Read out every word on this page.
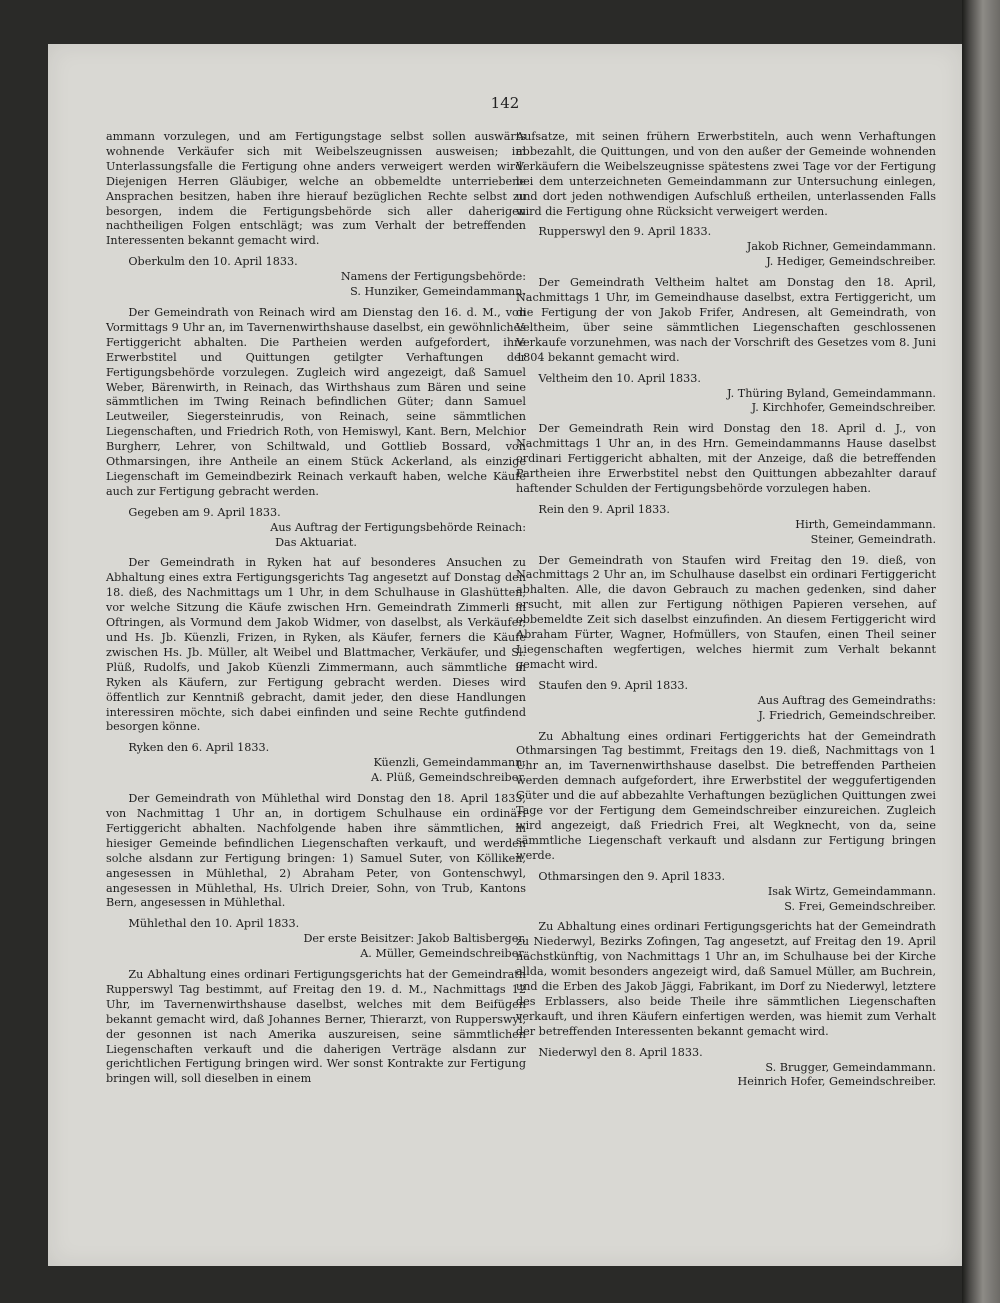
142

ammann vorzulegen, und am Fertigungstage selbst sollen auswärts wohnende Verkäufer sich mit Weibelszeugnissen ausweisen; im Unterlassungsfalle die Fertigung ohne anders verweigert werden wird. Diejenigen Herren Gläubiger, welche an obbemeldte unterriebene Ansprachen besitzen, haben ihre hierauf bezüglichen Rechte selbst zu besorgen, indem die Fertigungsbehörde sich aller daherigen nachtheiligen Folgen entschlägt; was zum Verhalt der betreffenden Interessenten bekannt gemacht wird.

Oberkulm den 10. April 1833.

Namens der Fertigungsbehörde:

S. Hunziker, Gemeindammann.

Der Gemeindrath von Reinach wird am Dienstag den 16. d. M., von Vormittags 9 Uhr an, im Tavernenwirthshause daselbst, ein gewöhnliches Fertiggericht abhalten. Die Partheien werden aufgefordert, ihre Erwerbstitel und Quittungen getilgter Verhaftungen der Fertigungsbehörde vorzulegen. Zugleich wird angezeigt, daß Samuel Weber, Bärenwirth, in Reinach, das Wirthshaus zum Bären und seine sämmtlichen im Twing Reinach befindlichen Güter; dann Samuel Leutweiler, Siegersteinrudis, von Reinach, seine sämmtlichen Liegenschaften, und Friedrich Roth, von Hemiswyl, Kant. Bern, Melchior Burgherr, Lehrer, von Schiltwald, und Gottlieb Bossard, von Othmarsingen, ihre Antheile an einem Stück Ackerland, als einzige Liegenschaft im Gemeindbezirk Reinach verkauft haben, welche Käufe auch zur Fertigung gebracht werden.

Gegeben am 9. April 1833.

Aus Auftrag der Fertigungsbehörde Reinach:

Das Aktuariat.

Der Gemeindrath in Ryken hat auf besonderes Ansuchen zu Abhaltung eines extra Fertigungsgerichts Tag angesetzt auf Donstag den 18. dieß, des Nachmittags um 1 Uhr, in dem Schulhause in Glashütten, vor welche Sitzung die Käufe zwischen Hrn. Gemeindrath Zimmerli in Oftringen, als Vormund dem Jakob Widmer, von daselbst, als Verkäufer, und Hs. Jb. Küenzli, Frizen, in Ryken, als Käufer, ferners die Käufe zwischen Hs. Jb. Müller, alt Weibel und Blattmacher, Verkäufer, und Sl. Plüß, Rudolfs, und Jakob Küenzli Zimmermann, auch sämmtliche in Ryken als Käufern, zur Fertigung gebracht werden. Dieses wird öffentlich zur Kenntniß gebracht, damit jeder, den diese Handlungen interessiren möchte, sich dabei einfinden und seine Rechte gutfindend besorgen könne.

Ryken den 6. April 1833.

Küenzli, Gemeindammann.

A. Plüß, Gemeindschreiber.

Der Gemeindrath von Mühlethal wird Donstag den 18. April 1833, von Nachmittag 1 Uhr an, in dortigem Schulhause ein ordinäri Fertiggericht abhalten. Nachfolgende haben ihre sämmtlichen, in hiesiger Gemeinde befindlichen Liegenschaften verkauft, und werden solche alsdann zur Fertigung bringen: 1) Samuel Suter, von Kölliken, angesessen in Mühlethal, 2) Abraham Peter, von Gontenschwyl, angesessen in Mühlethal, Hs. Ulrich Dreier, Sohn, von Trub, Kantons Bern, angesessen in Mühlethal.

Mühlethal den 10. April 1833.

Der erste Beisitzer: Jakob Baltisberger.

A. Müller, Gemeindschreiber.

Zu Abhaltung eines ordinari Fertigungsgerichts hat der Gemeindrath Rupperswyl Tag bestimmt, auf Freitag den 19. d. M., Nachmittags 12 Uhr, im Tavernenwirthshause daselbst, welches mit dem Beifügen bekannt gemacht wird, daß Johannes Berner, Thierarzt, von Rupperswyl, der gesonnen ist nach Amerika auszureisen, seine sämmtlichen Liegenschaften verkauft und die daherigen Verträge alsdann zur gerichtlichen Fertigung bringen wird. Wer sonst Kontrakte zur Fertigung bringen will, soll dieselben in einem

Aufsatze, mit seinen frühern Erwerbstiteln, auch wenn Verhaftungen abbezahlt, die Quittungen, und von den außer der Gemeinde wohnenden Verkäufern die Weibelszeugnisse spätestens zwei Tage vor der Fertigung bei dem unterzeichneten Gemeindammann zur Untersuchung einlegen, und dort jeden nothwendigen Aufschluß ertheilen, unterlassenden Falls wird die Fertigung ohne Rücksicht verweigert werden.

Rupperswyl den 9. April 1833.

Jakob Richner, Gemeindammann.

J. Hediger, Gemeindschreiber.

Der Gemeindrath Veltheim haltet am Donstag den 18. April, Nachmittags 1 Uhr, im Gemeindhause daselbst, extra Fertiggericht, um die Fertigung der von Jakob Frifer, Andresen, alt Gemeindrath, von Veltheim, über seine sämmtlichen Liegenschaften geschlossenen Verkaufe vorzunehmen, was nach der Vorschrift des Gesetzes vom 8. Juni 1804 bekannt gemacht wird.

Veltheim den 10. April 1833.

J. Thüring Byland, Gemeindammann.

J. Kirchhofer, Gemeindschreiber.

Der Gemeindrath Rein wird Donstag den 18. April d. J., von Nachmittags 1 Uhr an, in des Hrn. Gemeindammanns Hause daselbst ordinari Fertiggericht abhalten, mit der Anzeige, daß die betreffenden Partheien ihre Erwerbstitel nebst den Quittungen abbezahlter darauf haftender Schulden der Fertigungsbehörde vorzulegen haben.

Rein den 9. April 1833.

Hirth, Gemeindammann.

Steiner, Gemeindrath.

Der Gemeindrath von Staufen wird Freitag den 19. dieß, von Nachmittags 2 Uhr an, im Schulhause daselbst ein ordinari Fertiggericht abhalten. Alle, die davon Gebrauch zu machen gedenken, sind daher ersucht, mit allen zur Fertigung nöthigen Papieren versehen, auf obbemeldte Zeit sich daselbst einzufinden. An diesem Fertiggericht wird Abraham Fürter, Wagner, Hofmüllers, von Staufen, einen Theil seiner Liegenschaften wegfertigen, welches hiermit zum Verhalt bekannt gemacht wird.

Staufen den 9. April 1833.

Aus Auftrag des Gemeindraths:

J. Friedrich, Gemeindschreiber.

Zu Abhaltung eines ordinari Fertiggerichts hat der Gemeindrath Othmarsingen Tag bestimmt, Freitags den 19. dieß, Nachmittags von 1 Uhr an, im Tavernenwirthshause daselbst. Die betreffenden Partheien werden demnach aufgefordert, ihre Erwerbstitel der weggufertigenden Güter und die auf abbezahlte Verhaftungen bezüglichen Quittungen zwei Tage vor der Fertigung dem Gemeindschreiber einzureichen. Zugleich wird angezeigt, daß Friedrich Frei, alt Wegknecht, von da, seine sämmtliche Liegenschaft verkauft und alsdann zur Fertigung bringen werde.

Othmarsingen den 9. April 1833.

Isak Wirtz, Gemeindammann.

S. Frei, Gemeindschreiber.

Zu Abhaltung eines ordinari Fertigungsgerichts hat der Gemeindrath zu Niederwyl, Bezirks Zofingen, Tag angesetzt, auf Freitag den 19. April nächstkünftig, von Nachmittags 1 Uhr an, im Schulhause bei der Kirche allda, womit besonders angezeigt wird, daß Samuel Müller, am Buchrein, und die Erben des Jakob Jäggi, Fabrikant, im Dorf zu Niederwyl, letztere des Erblassers, also beide Theile ihre sämmtlichen Liegenschaften verkauft, und ihren Käufern einfertigen werden, was hiemit zum Verhalt der betreffenden Interessenten bekannt gemacht wird.

Niederwyl den 8. April 1833.

S. Brugger, Gemeindammann.

Heinrich Hofer, Gemeindschreiber.
